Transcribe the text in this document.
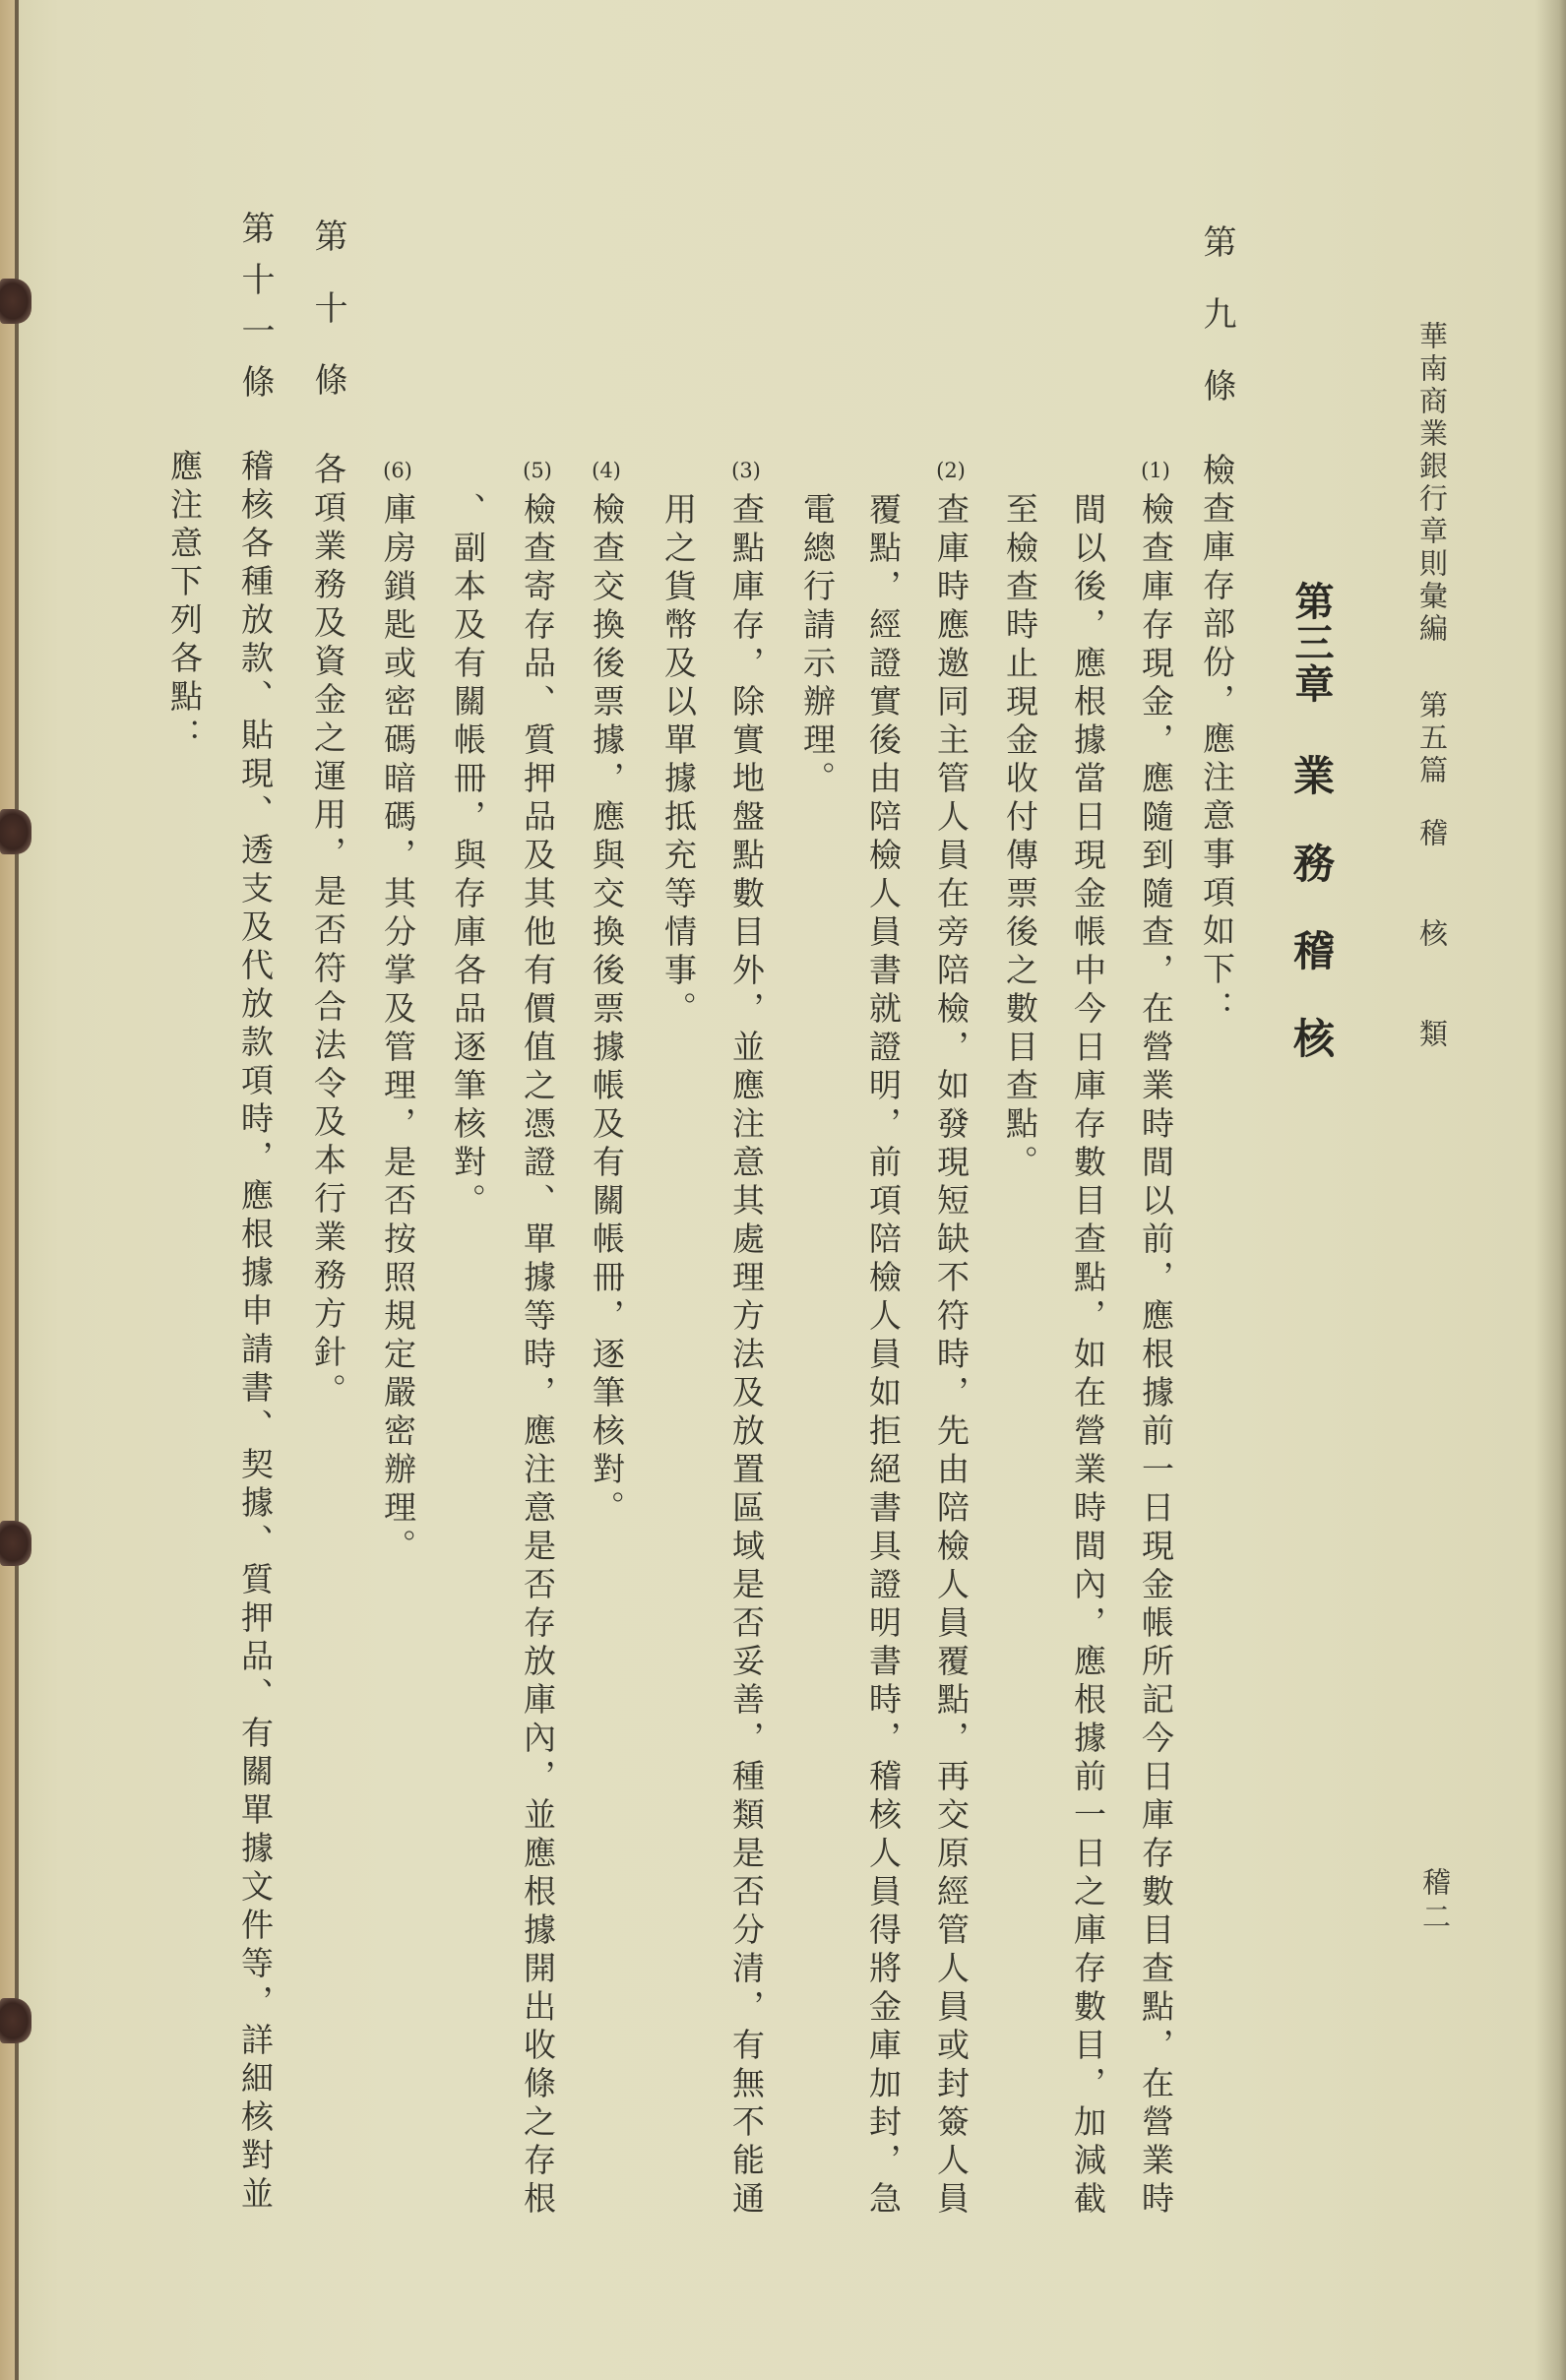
華南商業銀行章則彙編
第五篇
稽
核
類
稽二
第三章
業務稽核
第九條
檢查庫存部份，應注意事項如下：
(1)
檢查庫存現金，應隨到隨查，在營業時間以前，應根據前一日現金帳所記今日庫存數目查點，在營業時
間以後，應根據當日現金帳中今日庫存數目查點，如在營業時間內，應根據前一日之庫存數目，加減截
至檢查時止現金收付傳票後之數目查點。
(2)
查庫時應邀同主管人員在旁陪檢，如發現短缺不符時，先由陪檢人員覆點，再交原經管人員或封簽人員
覆點，經證實後由陪檢人員書就證明，前項陪檢人員如拒絕書具證明書時，稽核人員得將金庫加封，急
電總行請示辦理。
(3)
查點庫存，除實地盤點數目外，並應注意其處理方法及放置區域是否妥善，種類是否分清，有無不能通
用之貨幣及以單據抵充等情事。
(4)
檢查交換後票據，應與交換後票據帳及有關帳冊，逐筆核對。
(5)
檢查寄存品、質押品及其他有價值之憑證、單據等時，應注意是否存放庫內，並應根據開出收條之存根
、副本及有關帳冊，與存庫各品逐筆核對。
(6)
庫房鎖匙或密碼暗碼，其分掌及管理，是否按照規定嚴密辦理。
第十條
各項業務及資金之運用，是否符合法令及本行業務方針。
第十一條
稽核各種放款、貼現、透支及代放款項時，應根據申請書、契據、質押品、有關單據文件等，詳細核對並
應注意下列各點：
